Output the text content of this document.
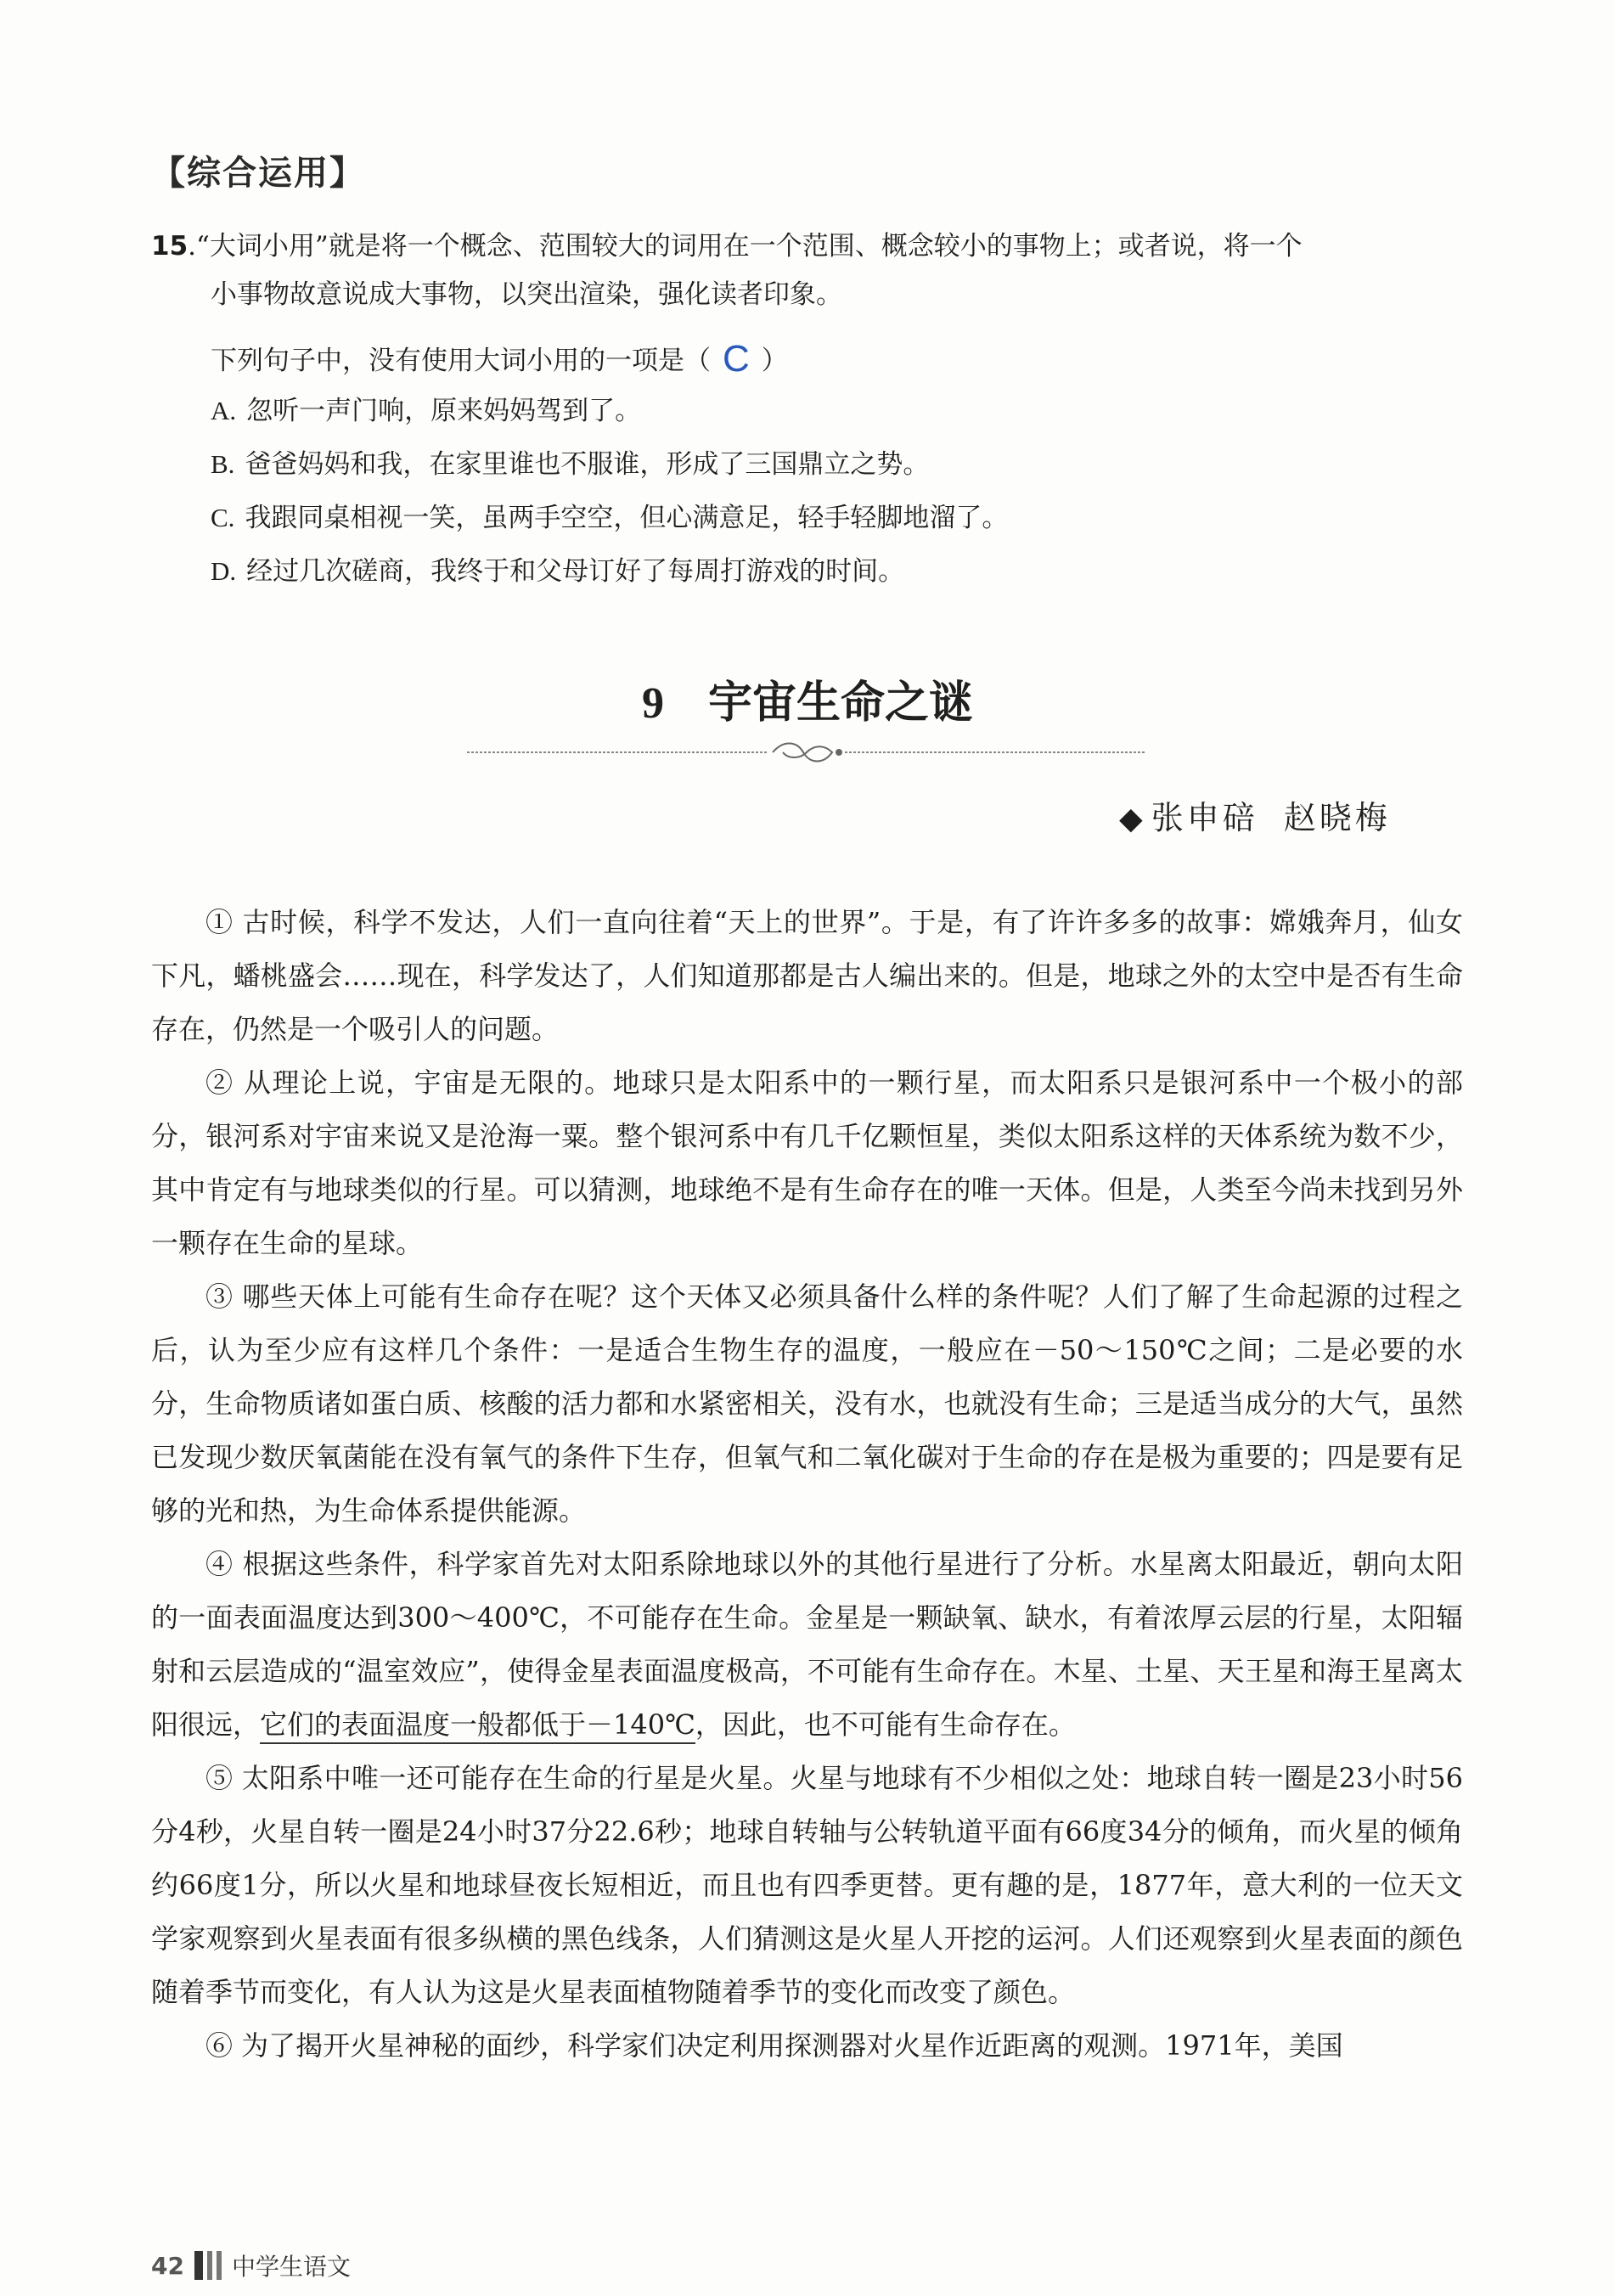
【综合运用】

15.“大词小用”就是将一个概念、范围较大的词用在一个范围、概念较小的事物上；或者说，将一个

小事物故意说成大事物，以突出渲染，强化读者印象。

下列句子中，没有使用大词小用的一项是（ C ）
A. 忽听一声门响，原来妈妈驾到了。
B. 爸爸妈妈和我，在家里谁也不服谁，形成了三国鼎立之势。
C. 我跟同桌相视一笑，虽两手空空，但心满意足，轻手轻脚地溜了。
D. 经过几次磋商，我终于和父母订好了每周打游戏的时间。
9 宇宙生命之谜
◆ 张申碚 赵晓梅

① 古时候，科学不发达，人们一直向往着“天上的世界”。于是，有了许许多多的故事：嫦娥奔月，仙女下凡，蟠桃盛会……现在，科学发达了，人们知道那都是古人编出来的。但是，地球之外的太空中是否有生命存在，仍然是一个吸引人的问题。

② 从理论上说，宇宙是无限的。地球只是太阳系中的一颗行星，而太阳系只是银河系中一个极小的部分，银河系对宇宙来说又是沧海一粟。整个银河系中有几千亿颗恒星，类似太阳系这样的天体系统为数不少，其中肯定有与地球类似的行星。可以猜测，地球绝不是有生命存在的唯一天体。但是，人类至今尚未找到另外一颗存在生命的星球。

③ 哪些天体上可能有生命存在呢？这个天体又必须具备什么样的条件呢？人们了解了生命起源的过程之后，认为至少应有这样几个条件：一是适合生物生存的温度，一般应在－50～150℃之间；二是必要的水分，生命物质诸如蛋白质、核酸的活力都和水紧密相关，没有水，也就没有生命；三是适当成分的大气，虽然已发现少数厌氧菌能在没有氧气的条件下生存，但氧气和二氧化碳对于生命的存在是极为重要的；四是要有足够的光和热，为生命体系提供能源。

④ 根据这些条件，科学家首先对太阳系除地球以外的其他行星进行了分析。水星离太阳最近，朝向太阳的一面表面温度达到300～400℃，不可能存在生命。金星是一颗缺氧、缺水，有着浓厚云层的行星，太阳辐射和云层造成的“温室效应”，使得金星表面温度极高，不可能有生命存在。木星、土星、天王星和海王星离太阳很远，它们的表面温度一般都低于－140℃，因此，也不可能有生命存在。

⑤ 太阳系中唯一还可能存在生命的行星是火星。火星与地球有不少相似之处：地球自转一圈是23小时56分4秒，火星自转一圈是24小时37分22.6秒；地球自转轴与公转轨道平面有66度34分的倾角，而火星的倾角约66度1分，所以火星和地球昼夜长短相近，而且也有四季更替。更有趣的是，1877年，意大利的一位天文学家观察到火星表面有很多纵横的黑色线条，人们猜测这是火星人开挖的运河。人们还观察到火星表面的颜色随着季节而变化，有人认为这是火星表面植物随着季节的变化而改变了颜色。

⑥ 为了揭开火星神秘的面纱，科学家们决定利用探测器对火星作近距离的观测。1971年，美国

42 中学生语文
